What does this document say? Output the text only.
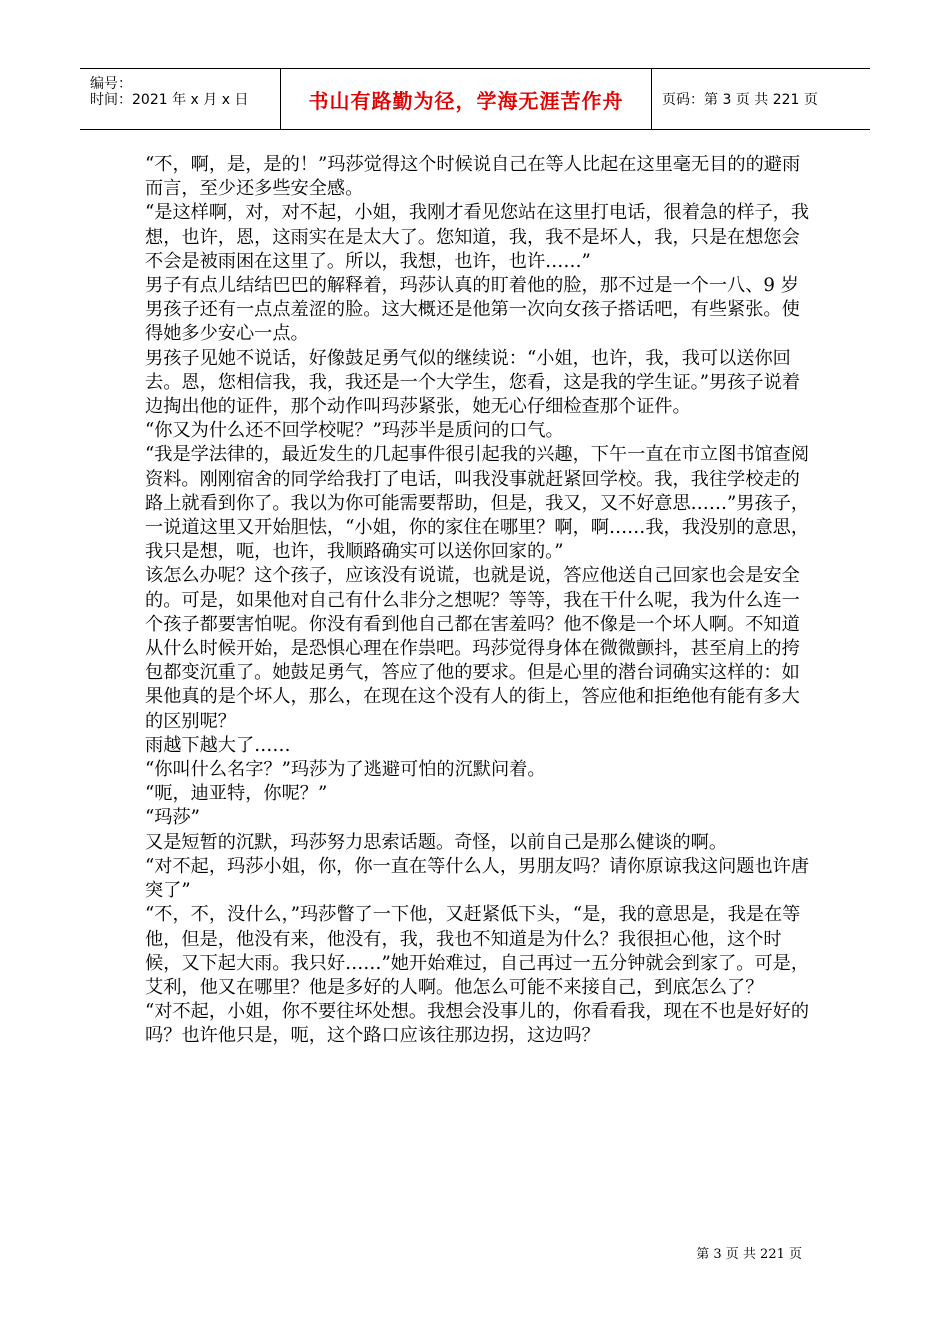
编号：
时间：2021 年 x 月 x 日	书山有路勤为径，学海无涯苦作舟	页码：第 3 页 共 221 页

“不，啊，是，是的！”玛莎觉得这个时候说自己在等人比起在这里毫无目的的避雨而言，至少还多些安全感。

“是这样啊，对，对不起，小姐，我刚才看见您站在这里打电话，很着急的样子，我想，也许，恩，这雨实在是太大了。您知道，我，我不是坏人，我，只是在想您会不会是被雨困在这里了。所以，我想，也许，也许……”

男子有点儿结结巴巴的解释着，玛莎认真的盯着他的脸，那不过是一个一八、9 岁男孩子还有一点点羞涩的脸。这大概还是他第一次向女孩子搭话吧，有些紧张。使得她多少安心一点。

男孩子见她不说话，好像鼓足勇气似的继续说：“小姐，也许，我，我可以送你回去。恩，您相信我，我，我还是一个大学生，您看，这是我的学生证。”男孩子说着边掏出他的证件，那个动作叫玛莎紧张，她无心仔细检查那个证件。

“你又为什么还不回学校呢？”玛莎半是质问的口气。

“我是学法律的，最近发生的几起事件很引起我的兴趣，下午一直在市立图书馆查阅资料。刚刚宿舍的同学给我打了电话，叫我没事就赶紧回学校。我，我往学校走的路上就看到你了。我以为你可能需要帮助，但是，我又，又不好意思……”男孩子，一说道这里又开始胆怯，“小姐，你的家住在哪里？啊，啊……我，我没别的意思，我只是想，呃，也许，我顺路确实可以送你回家的。”

该怎么办呢？这个孩子，应该没有说谎，也就是说，答应他送自己回家也会是安全的。可是，如果他对自己有什么非分之想呢？等等，我在干什么呢，我为什么连一个孩子都要害怕呢。你没有看到他自己都在害羞吗？他不像是一个坏人啊。不知道从什么时候开始，是恐惧心理在作祟吧。玛莎觉得身体在微微颤抖，甚至肩上的挎包都变沉重了。她鼓足勇气，答应了他的要求。但是心里的潜台词确实这样的：如果他真的是个坏人，那么，在现在这个没有人的街上，答应他和拒绝他有能有多大的区别呢？

雨越下越大了……

“你叫什么名字？”玛莎为了逃避可怕的沉默问着。

“呃，迪亚特，你呢？”

“玛莎”

又是短暂的沉默，玛莎努力思索话题。奇怪，以前自己是那么健谈的啊。

“对不起，玛莎小姐，你，你一直在等什么人，男朋友吗？请你原谅我这问题也许唐突了”

“不，不，没什么，”玛莎瞥了一下他，又赶紧低下头，“是，我的意思是，我是在等他，但是，他没有来，他没有，我，我也不知道是为什么？我很担心他，这个时候，又下起大雨。我只好……”她开始难过，自己再过一五分钟就会到家了。可是，艾利，他又在哪里？他是多好的人啊。他怎么可能不来接自己，到底怎么了？

“对不起，小姐，你不要往坏处想。我想会没事儿的，你看看我，现在不也是好好的吗？也许他只是，呃，这个路口应该往那边拐，这边吗？

第 3 页 共 221 页
